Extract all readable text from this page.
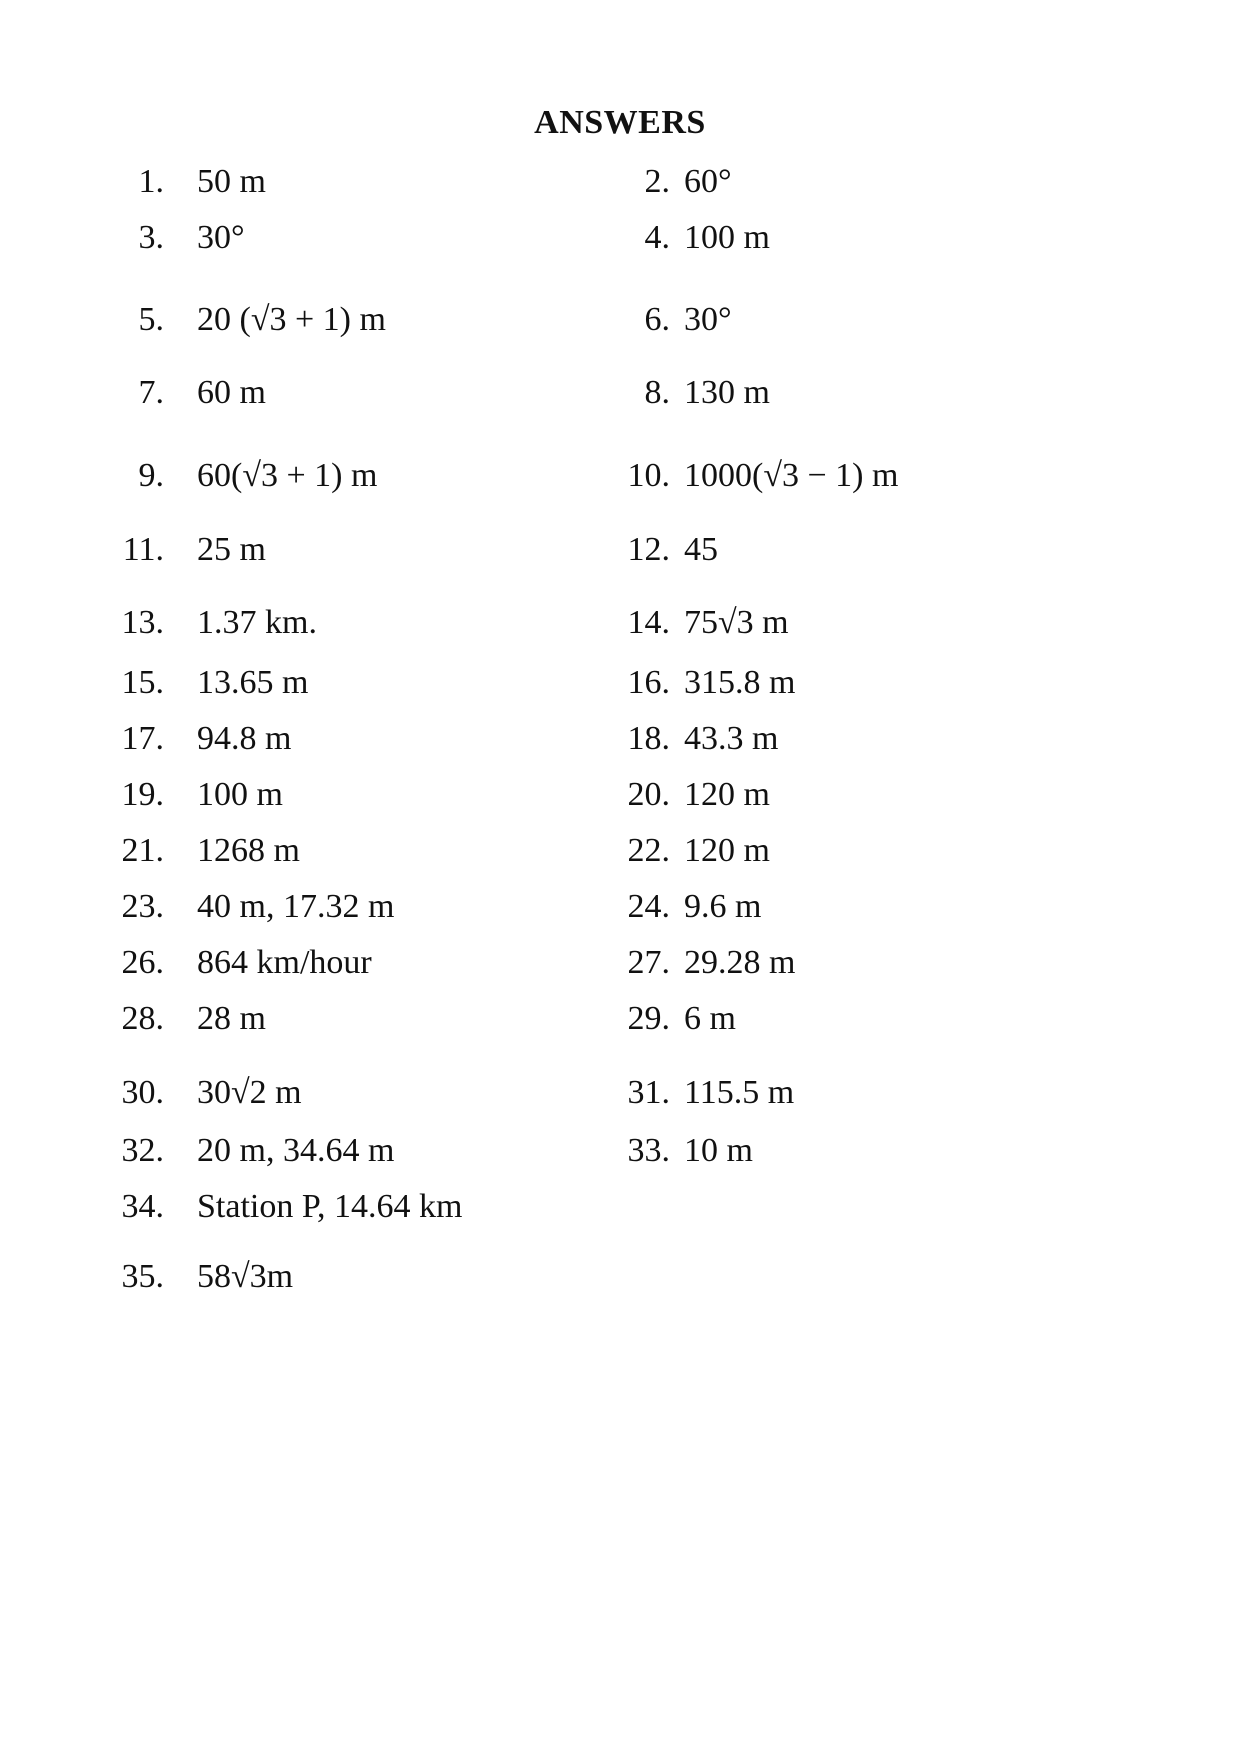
ANSWERS
1. 50 m	2. 60°
3. 30°	4. 100 m
5. 20 (√3 + 1) m	6. 30°
7. 60 m	8. 130 m
9. 60(√3 + 1) m	10. 1000(√3 − 1) m
11. 25 m	12. 45
13. 1.37 km.	14. 75√3 m
15. 13.65 m	16. 315.8 m
17. 94.8 m	18. 43.3 m
19. 100 m	20. 120 m
21. 1268 m	22. 120 m
23. 40 m, 17.32 m	24. 9.6 m
26. 864 km/hour	27. 29.28 m
28. 28 m	29. 6 m
30. 30√2 m	31. 115.5 m
32. 20 m, 34.64 m	33. 10 m
34. Station P, 14.64 km
35. 58√3m
